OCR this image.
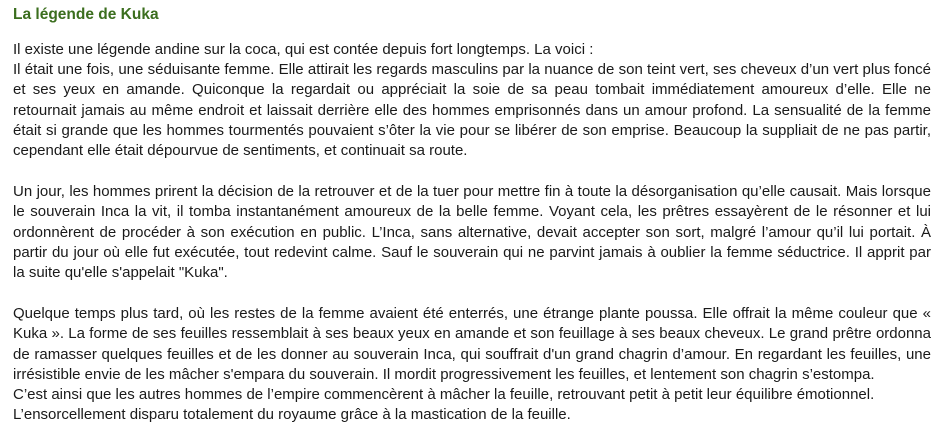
La légende de Kuka

Il existe une légende andine sur la coca, qui est contée depuis fort longtemps. La voici :
Il était une fois, une séduisante femme. Elle attirait les regards masculins par la nuance de son teint vert, ses cheveux d’un vert plus foncé et ses yeux en amande. Quiconque la regardait ou appréciait la soie de sa peau tombait immédiatement amoureux d’elle. Elle ne retournait jamais au même endroit et laissait derrière elle des hommes emprisonnés dans un amour profond. La sensualité de la femme était si grande que les hommes tourmentés pouvaient s’ôter la vie pour se libérer de son emprise. Beaucoup la suppliait de ne pas partir, cependant elle était dépourvue de sentiments, et continuait sa route.

Un jour, les hommes prirent la décision de la retrouver et de la tuer pour mettre fin à toute la désorganisation qu’elle causait. Mais lorsque le souverain Inca la vit, il tomba instantanément amoureux de la belle femme. Voyant cela, les prêtres essayèrent de le résonner et lui ordonnèrent de procéder à son exécution en public. L’Inca, sans alternative, devait accepter son sort, malgré l’amour qu’il lui portait. À partir du jour où elle fut exécutée, tout redevint calme. Sauf le souverain qui ne parvint jamais à oublier la femme séductrice. Il apprit par la suite qu'elle s'appelait "Kuka".

Quelque temps plus tard, où les restes de la femme avaient été enterrés, une étrange plante poussa. Elle offrait la même couleur que « Kuka ». La forme de ses feuilles ressemblait à ses beaux yeux en amande et son feuillage à ses beaux cheveux. Le grand prêtre ordonna de ramasser quelques feuilles et de les donner au souverain Inca, qui souffrait d'un grand chagrin d’amour. En regardant les feuilles, une irrésistible envie de les mâcher s'empara du souverain. Il mordit progressivement les feuilles, et lentement son chagrin s’estompa.
C’est ainsi que les autres hommes de l’empire commencèrent à mâcher la feuille, retrouvant petit à petit leur équilibre émotionnel.
L’ensorcellement disparu totalement du royaume grâce à la mastication de la feuille.
